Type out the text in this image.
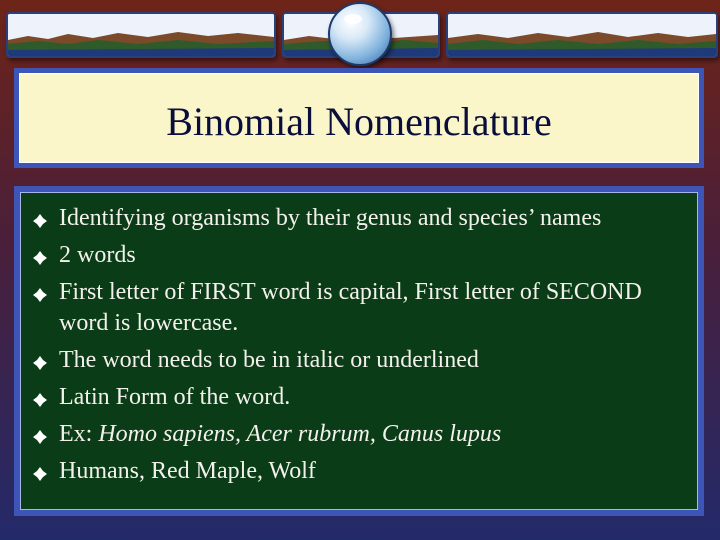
Binomial Nomenclature
Identifying organisms by their genus and species’ names
2 words
First letter of FIRST word is capital, First letter of SECOND word is lowercase.
The word needs to be in italic or underlined
Latin Form of the word.
Ex: Homo sapiens, Acer rubrum, Canus lupus
Humans, Red Maple, Wolf
